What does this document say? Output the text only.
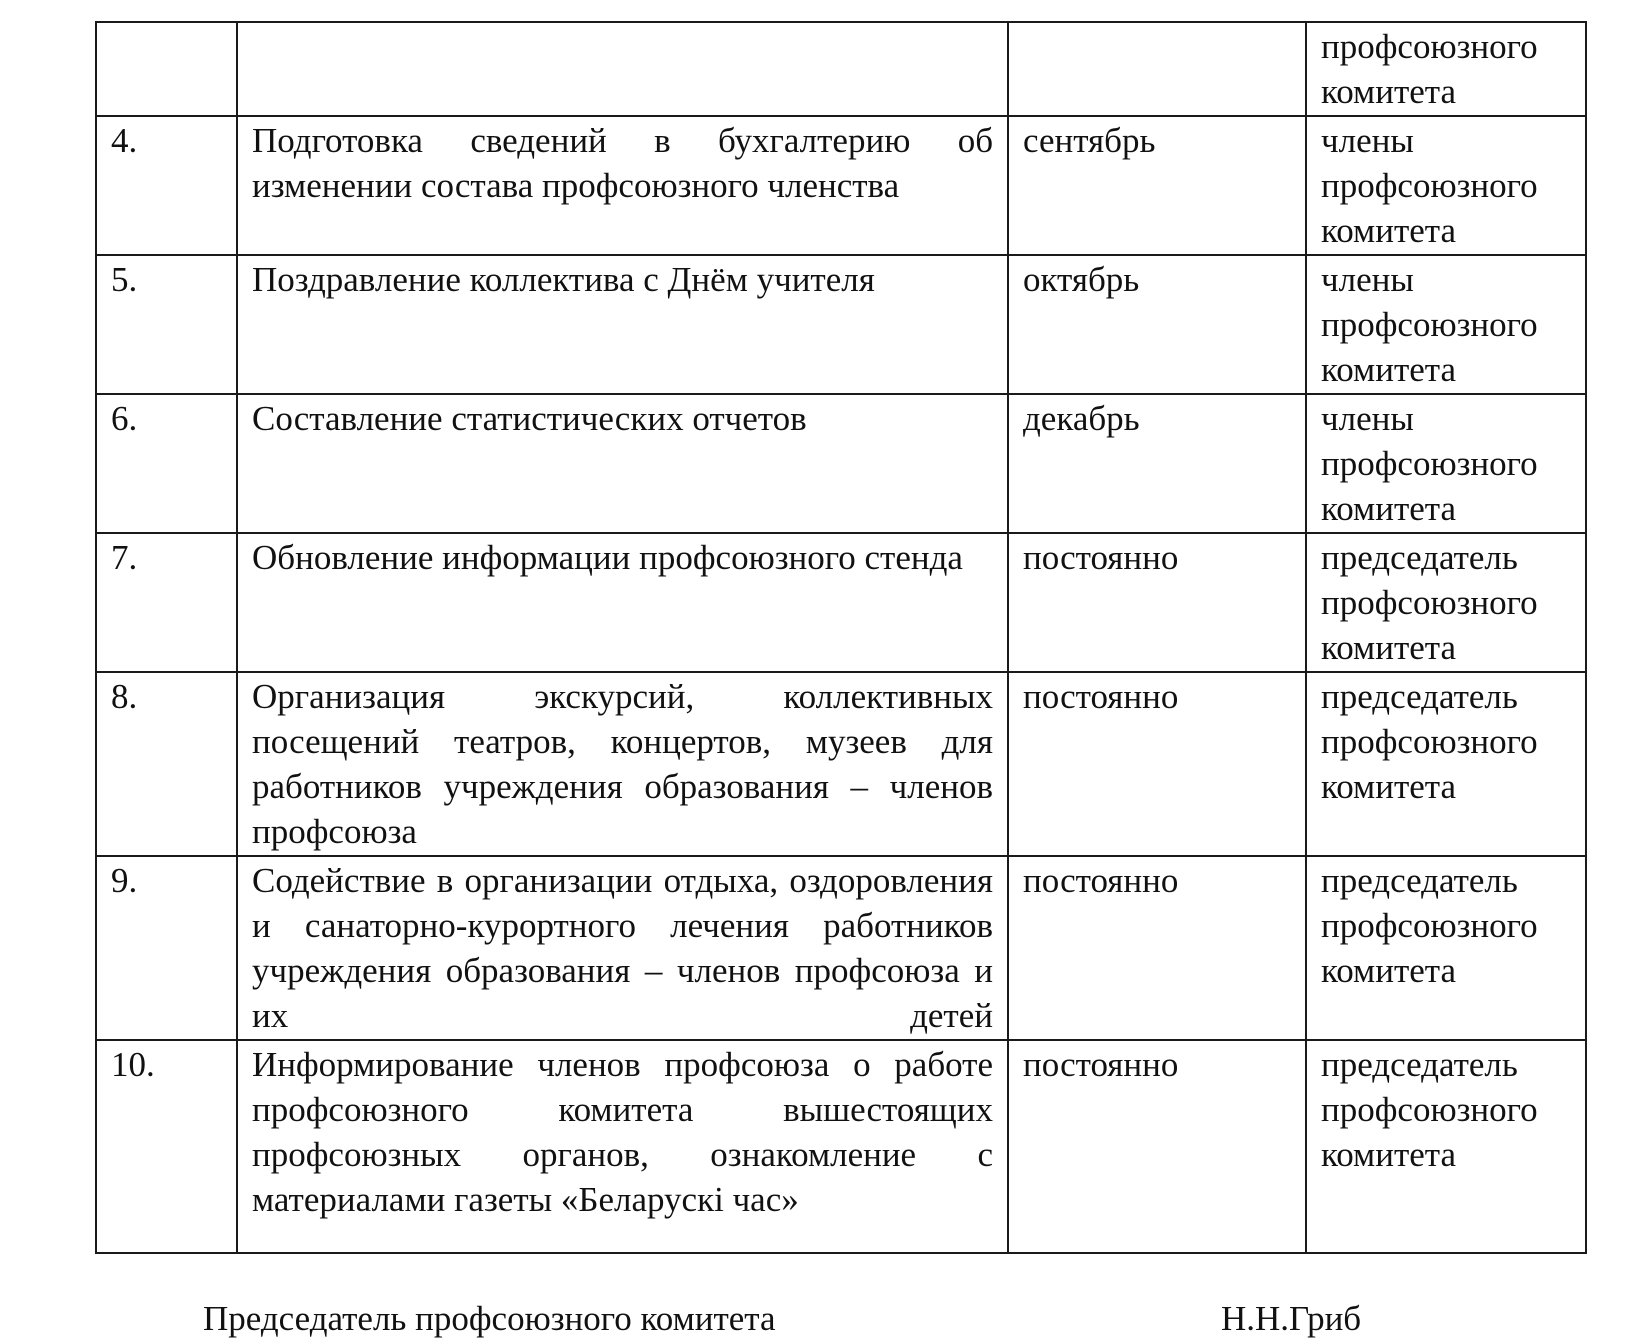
			профсоюзного комитета

4.	Подготовка сведений в бухгалтерию об изменении состава профсоюзного членства	сентябрь	члены профсоюзного комитета

5.	Поздравление коллектива с Днём учителя	октябрь	члены профсоюзного комитета

6.	Составление статистических отчетов	декабрь	члены профсоюзного комитета

7.	Обновление информации профсоюзного стенда	постоянно	председатель профсоюзного комитета

8.	Организация экскурсий, коллективных посещений театров, концертов, музеев для работников учреждения образования – членов профсоюза	постоянно	председатель профсоюзного комитета

9.	Содействие в организации отдыха, оздоровления и санаторно-курортного лечения работников учреждения образования – членов профсоюза и их детей	постоянно	председатель профсоюзного комитета

10.	Информирование членов профсоюза о работе профсоюзного комитета вышестоящих профсоюзных органов, ознакомление с материалами газеты «Беларускі час»	постоянно	председатель профсоюзного комитета
Председатель профсоюзного комитета	Н.Н.Гриб
